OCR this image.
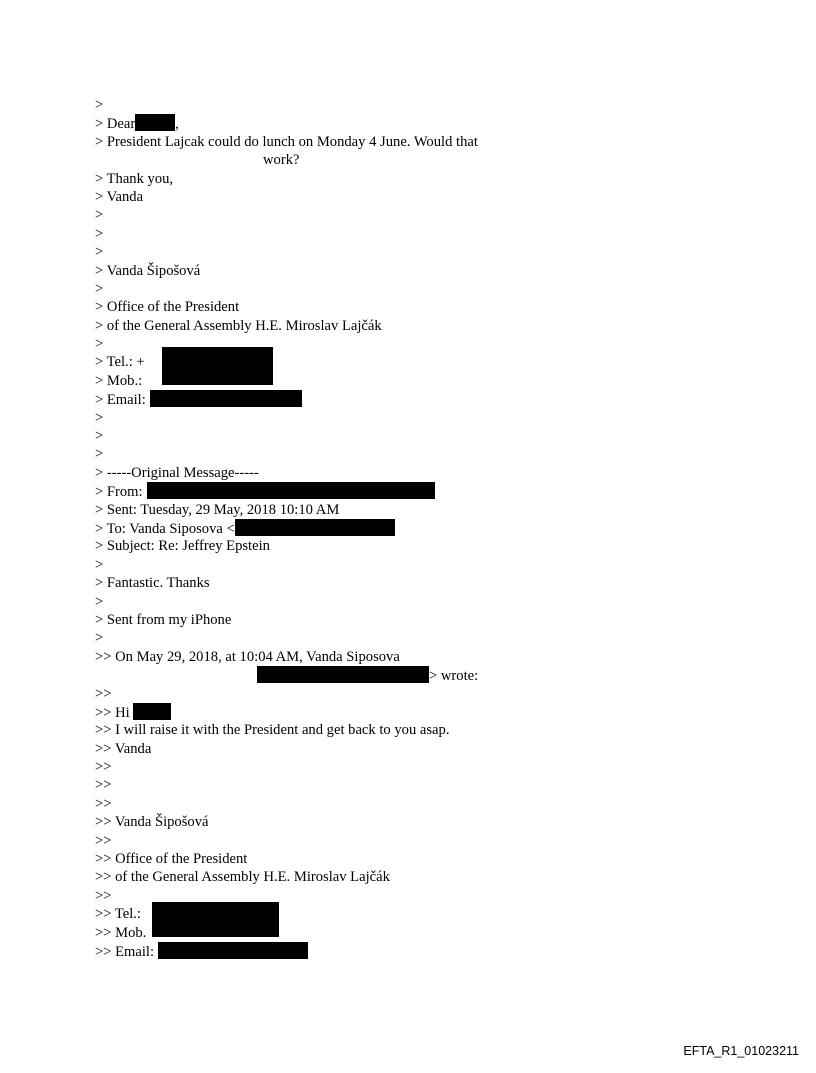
>
> Dear	,
> President Lajcak could do lunch on Monday 4 June. Would that
work?
> Thank you,
> Vanda
>
>
>
> Vanda Šipošová
>
> Office of the President
> of the General Assembly H.E. Miroslav Lajčák
>
> Tel.: +
> Mob.:
> Email:
>
>
>
> -----Original Message-----
> From:
> Sent: Tuesday, 29 May, 2018 10:10 AM
> To: Vanda Siposova <
> Subject: Re: Jeffrey Epstein
>
> Fantastic. Thanks
>
> Sent from my iPhone
>
>> On May 29, 2018, at 10:04 AM, Vanda Siposova
> wrote:
>>
>> Hi
>> I will raise it with the President and get back to you asap.
>> Vanda
>>
>>
>>
>> Vanda Šipošová
>>
>> Office of the President
>> of the General Assembly H.E. Miroslav Lajčák
>>
>> Tel.:
>> Mob.
>> Email:
EFTA_R1_01023211
